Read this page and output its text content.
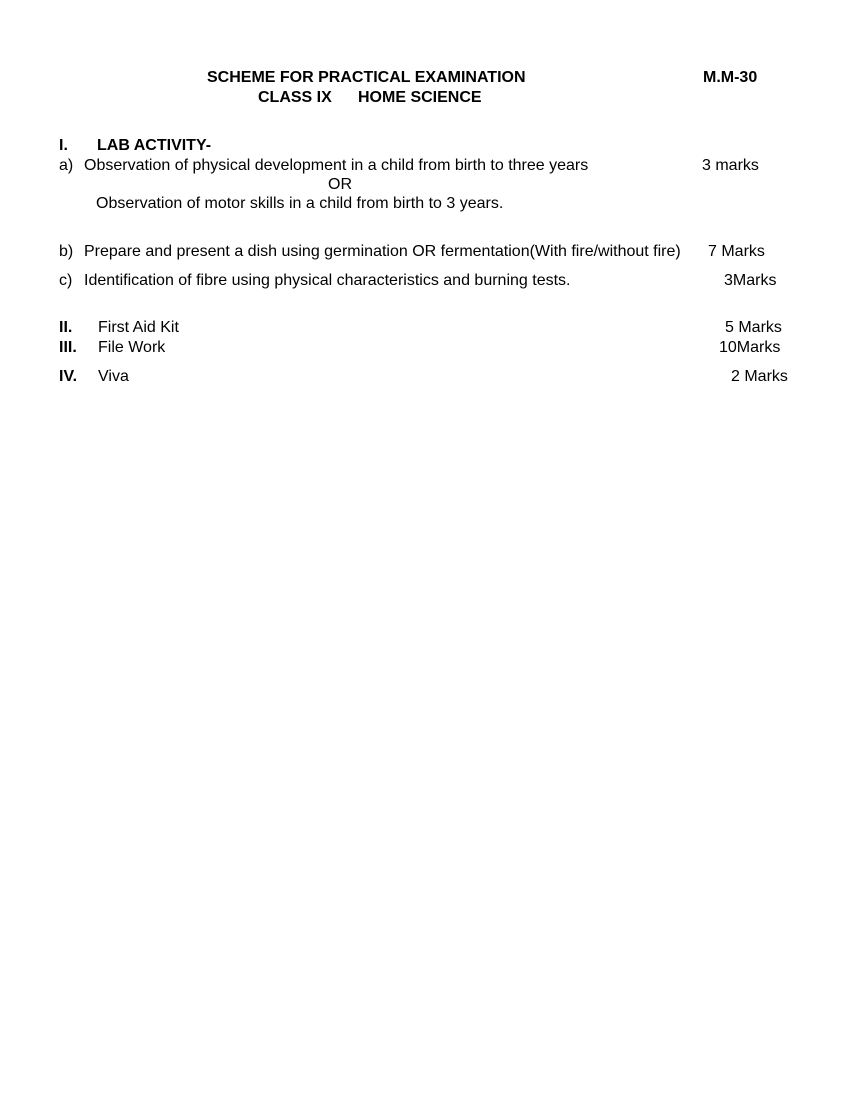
SCHEME FOR PRACTICAL EXAMINATION	M.M-30
CLASS IX HOME SCIENCE
I. LAB ACTIVITY-
a) Observation of physical development in a child from birth to three years	3 marks
OR
Observation of motor skills in a child from birth to 3 years.
b) Prepare and present a dish using germination OR fermentation(With fire/without fire) 7 Marks
c) Identification of fibre using physical characteristics and burning tests.	3Marks
II. First Aid Kit	5 Marks
III. File Work	10Marks
IV. Viva	2 Marks
